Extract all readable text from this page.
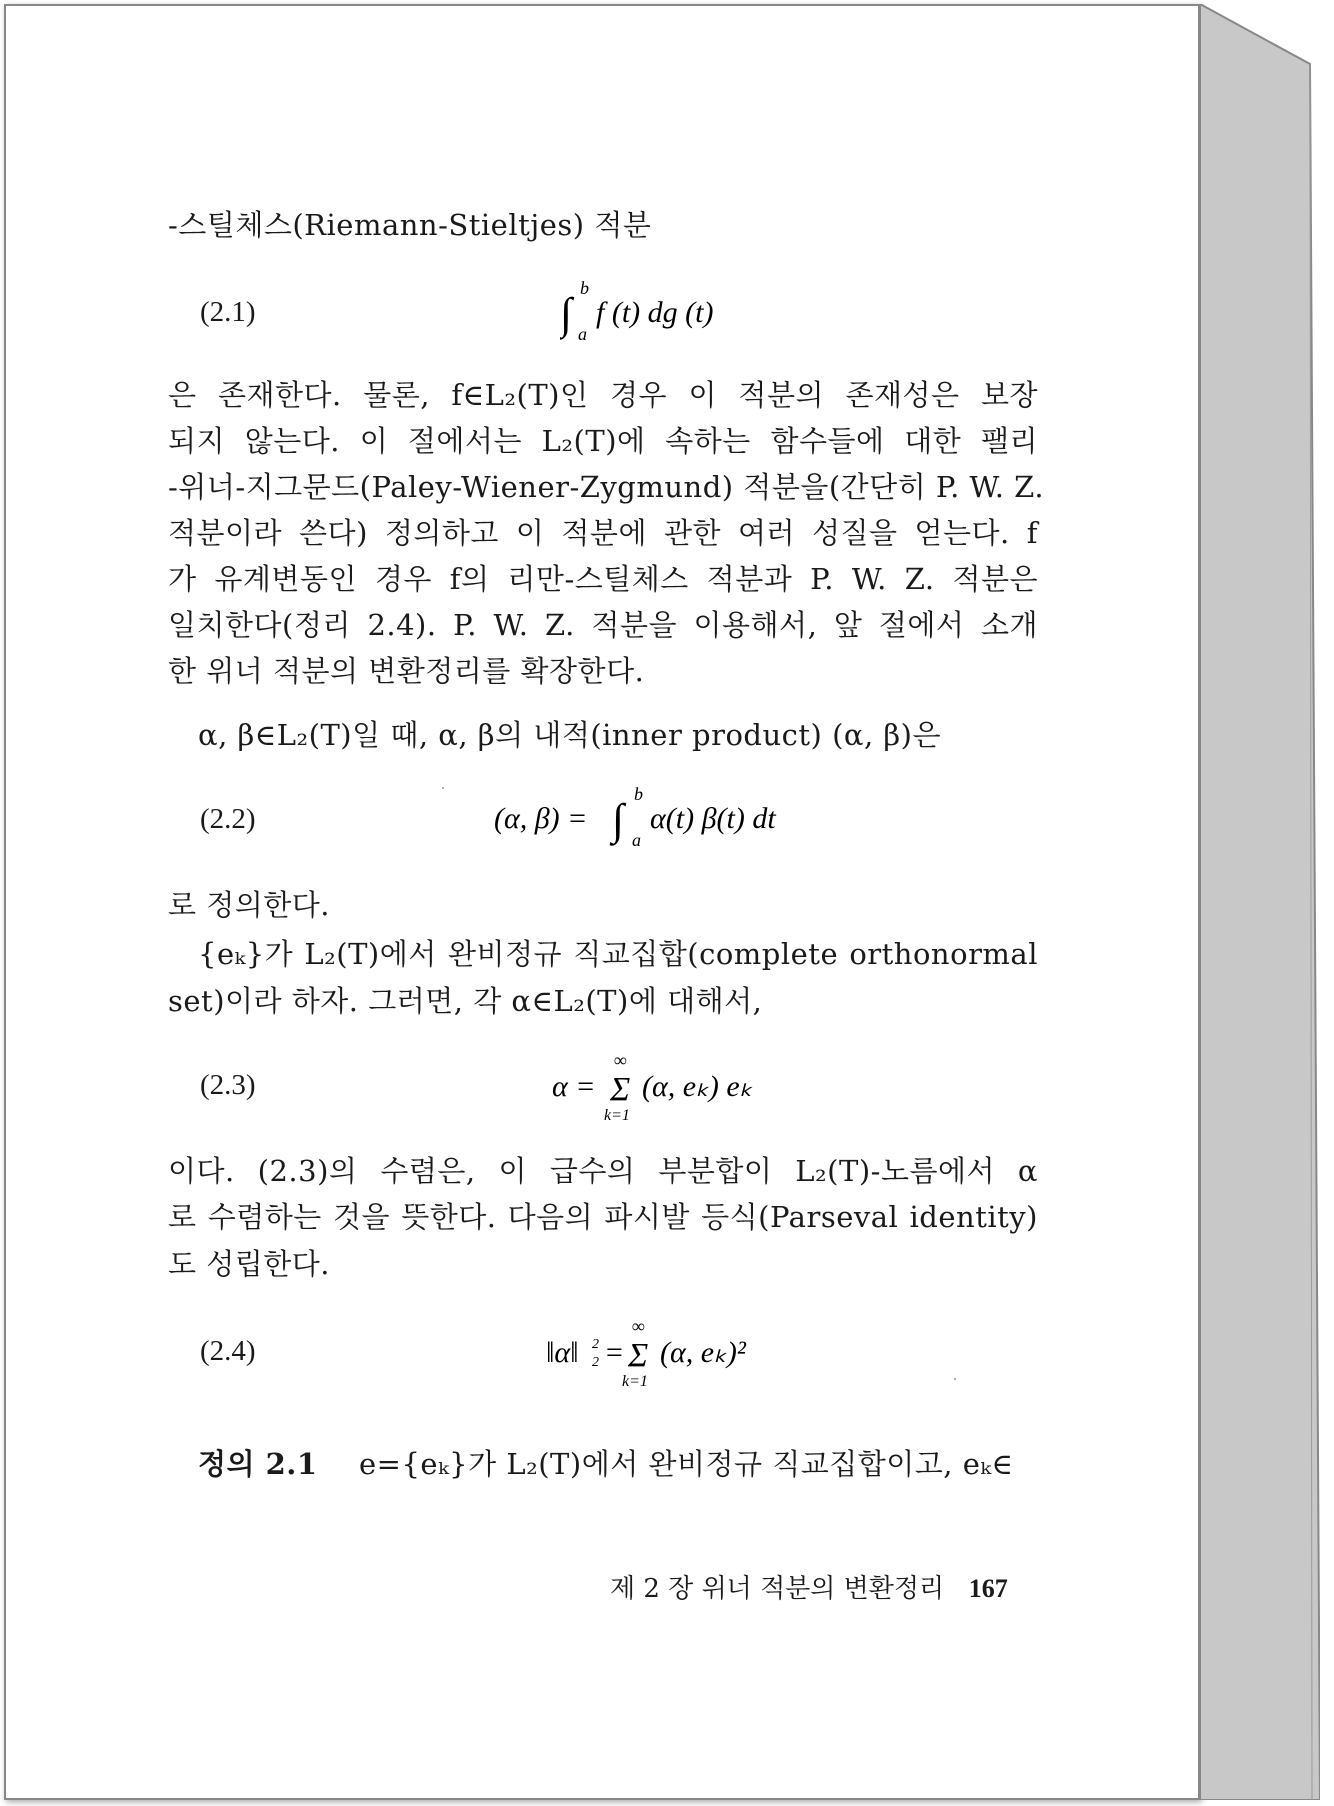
-스틸체스(Riemann-Stieltjes) 적분
(2.1)	∫
b
a
f (t) dg (t)
은 존재한다. 물론, f∈L₂(T)인 경우 이 적분의 존재성은 보장
되지 않는다. 이 절에서는 L₂(T)에 속하는 함수들에 대한 팰리
-위너-지그문드(Paley-Wiener-Zygmund) 적분을(간단히 P. W. Z.
적분이라 쓴다) 정의하고 이 적분에 관한 여러 성질을 얻는다. f
가 유계변동인 경우 f의 리만-스틸체스 적분과 P. W. Z. 적분은
일치한다(정리 2.4). P. W. Z. 적분을 이용해서, 앞 절에서 소개
한 위너 적분의 변환정리를 확장한다.
α, β∈L₂(T)일 때, α, β의 내적(inner product) (α, β)은
(2.2)	(α, β) = ∫
b
a
α(t) β(t) dt
로 정의한다.
{eₖ}가 L₂(T)에서 완비정규 직교집합(complete orthonormal
set)이라 하자. 그러면, 각 α∈L₂(T)에 대해서,
(2.3)	α =
∞
Σ
k=1
(α, eₖ) eₖ
이다. (2.3)의 수렴은, 이 급수의 부분합이 L₂(T)-노름에서 α
로 수렴하는 것을 뜻한다. 다음의 파시발 등식(Parseval identity)
도 성립한다.
(2.4)	‖α‖ 2
2 =
∞
Σ
k=1
(α, eₖ)²
정의 2.1 e={eₖ}가 L₂(T)에서 완비정규 직교집합이고, eₖ∈
제 2 장 위너 적분의 변환정리 167
